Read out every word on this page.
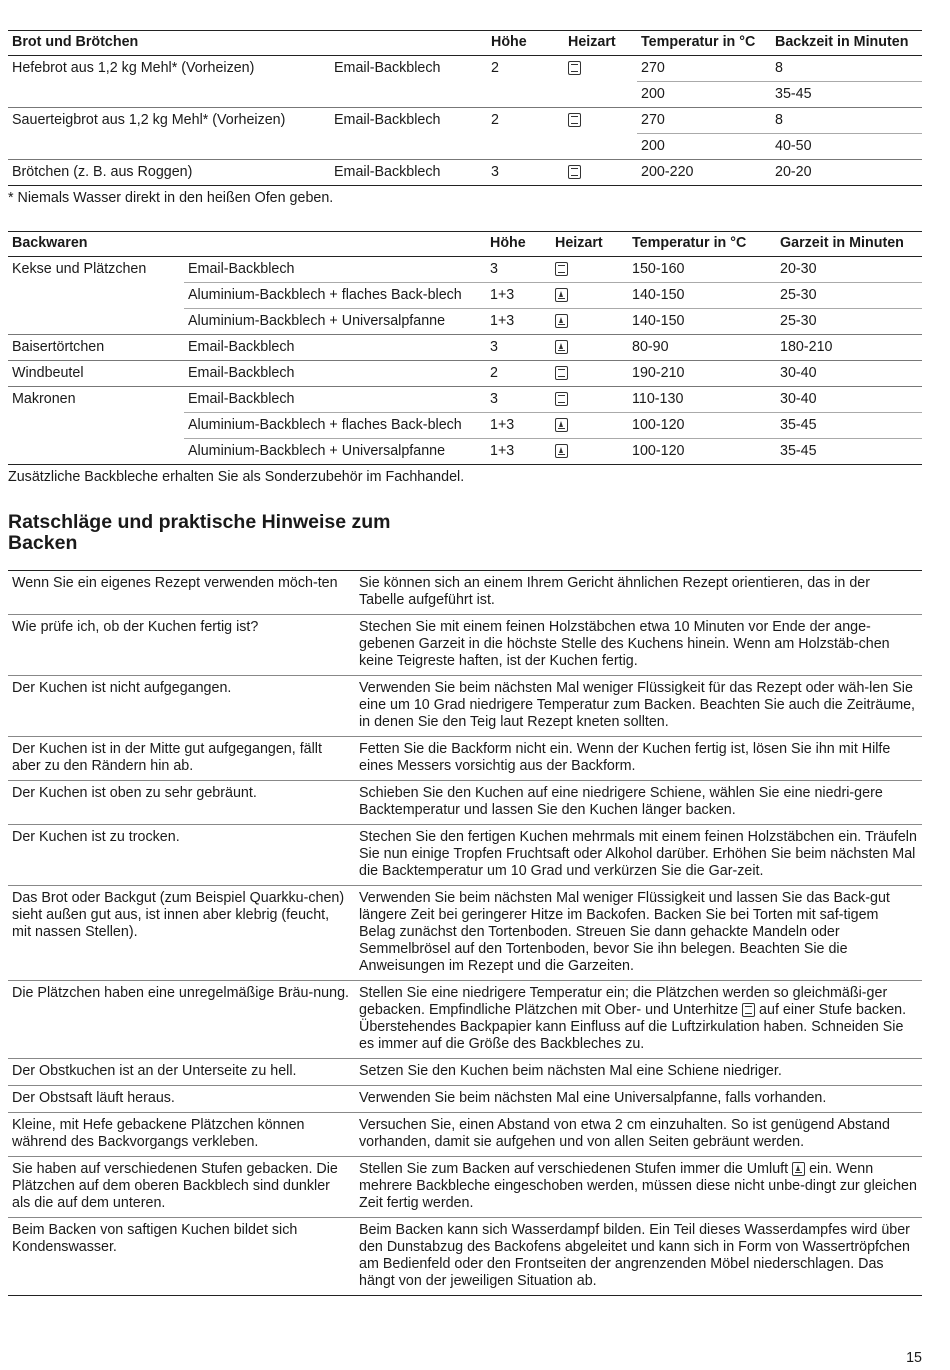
Brot und Brötchen		Höhe	Heizart	Temperatur in °C	Backzeit in Minuten
Hefebrot aus 1,2 kg Mehl* (Vorheizen)	Email-Backblech	2		270	8
				200	35-45
Sauerteigbrot aus 1,2 kg Mehl* (Vorheizen)	Email-Backblech	2		270	8
				200	40-50
Brötchen (z. B. aus Roggen)	Email-Backblech	3		200-220	20-20
* Niemals Wasser direkt in den heißen Ofen geben.
Backwaren		Höhe	Heizart	Temperatur in °C	Garzeit in Minuten
Kekse und Plätzchen	Email-Backblech	3		150-160	20-30
	Aluminium-Backblech + flaches Back-blech	1+3		140-150	25-30
	Aluminium-Backblech + Universalpfanne	1+3		140-150	25-30
Baisertörtchen	Email-Backblech	3		80-90	180-210
Windbeutel	Email-Backblech	2		190-210	30-40
Makronen	Email-Backblech	3		110-130	30-40
	Aluminium-Backblech + flaches Back-blech	1+3		100-120	35-45
	Aluminium-Backblech + Universalpfanne	1+3		100-120	35-45
Zusätzliche Backbleche erhalten Sie als Sonderzubehör im Fachhandel.
Ratschläge und praktische Hinweise zum Backen
Wenn Sie ein eigenes Rezept verwenden möch-ten	Sie können sich an einem Ihrem Gericht ähnlichen Rezept orientieren, das in der Tabelle aufgeführt ist.
Wie prüfe ich, ob der Kuchen fertig ist?	Stechen Sie mit einem feinen Holzstäbchen etwa 10 Minuten vor Ende der ange-gebenen Garzeit in die höchste Stelle des Kuchens hinein. Wenn am Holzstäb-chen keine Teigreste haften, ist der Kuchen fertig.
Der Kuchen ist nicht aufgegangen.	Verwenden Sie beim nächsten Mal weniger Flüssigkeit für das Rezept oder wäh-len Sie eine um 10 Grad niedrigere Temperatur zum Backen. Beachten Sie auch die Zeiträume, in denen Sie den Teig laut Rezept kneten sollten.
Der Kuchen ist in der Mitte gut aufgegangen, fällt aber zu den Rändern hin ab.	Fetten Sie die Backform nicht ein. Wenn der Kuchen fertig ist, lösen Sie ihn mit Hilfe eines Messers vorsichtig aus der Backform.
Der Kuchen ist oben zu sehr gebräunt.	Schieben Sie den Kuchen auf eine niedrigere Schiene, wählen Sie eine niedri-gere Backtemperatur und lassen Sie den Kuchen länger backen.
Der Kuchen ist zu trocken.	Stechen Sie den fertigen Kuchen mehrmals mit einem feinen Holzstäbchen ein. Träufeln Sie nun einige Tropfen Fruchtsaft oder Alkohol darüber. Erhöhen Sie beim nächsten Mal die Backtemperatur um 10 Grad und verkürzen Sie die Gar-zeit.
Das Brot oder Backgut (zum Beispiel Quarkku-chen) sieht außen gut aus, ist innen aber klebrig (feucht, mit nassen Stellen).	Verwenden Sie beim nächsten Mal weniger Flüssigkeit und lassen Sie das Back-gut längere Zeit bei geringerer Hitze im Backofen. Backen Sie bei Torten mit saf-tigem Belag zunächst den Tortenboden. Streuen Sie dann gehackte Mandeln oder Semmelbrösel auf den Tortenboden, bevor Sie ihn belegen. Beachten Sie die Anweisungen im Rezept und die Garzeiten.
Die Plätzchen haben eine unregelmäßige Bräu-nung.	Stellen Sie eine niedrigere Temperatur ein; die Plätzchen werden so gleichmäßi-ger gebacken. Empfindliche Plätzchen mit Ober- und Unterhitze auf einer Stufe backen. Überstehendes Backpapier kann Einfluss auf die Luftzirkulation haben. Schneiden Sie es immer auf die Größe des Backbleches zu.
Der Obstkuchen ist an der Unterseite zu hell.	Setzen Sie den Kuchen beim nächsten Mal eine Schiene niedriger.
Der Obstsaft läuft heraus.	Verwenden Sie beim nächsten Mal eine Universalpfanne, falls vorhanden.
Kleine, mit Hefe gebackene Plätzchen können während des Backvorgangs verkleben.	Versuchen Sie, einen Abstand von etwa 2 cm einzuhalten. So ist genügend Abstand vorhanden, damit sie aufgehen und von allen Seiten gebräunt werden.
Sie haben auf verschiedenen Stufen gebacken. Die Plätzchen auf dem oberen Backblech sind dunkler als die auf dem unteren.	Stellen Sie zum Backen auf verschiedenen Stufen immer die Umluft ein. Wenn mehrere Backbleche eingeschoben werden, müssen diese nicht unbe-dingt zur gleichen Zeit fertig werden.
Beim Backen von saftigen Kuchen bildet sich Kondenswasser.	Beim Backen kann sich Wasserdampf bilden. Ein Teil dieses Wasserdampfes wird über den Dunstabzug des Backofens abgeleitet und kann sich in Form von Wassertröpfchen am Bedienfeld oder den Frontseiten der angrenzenden Möbel niederschlagen. Das hängt von der jeweiligen Situation ab.
15
